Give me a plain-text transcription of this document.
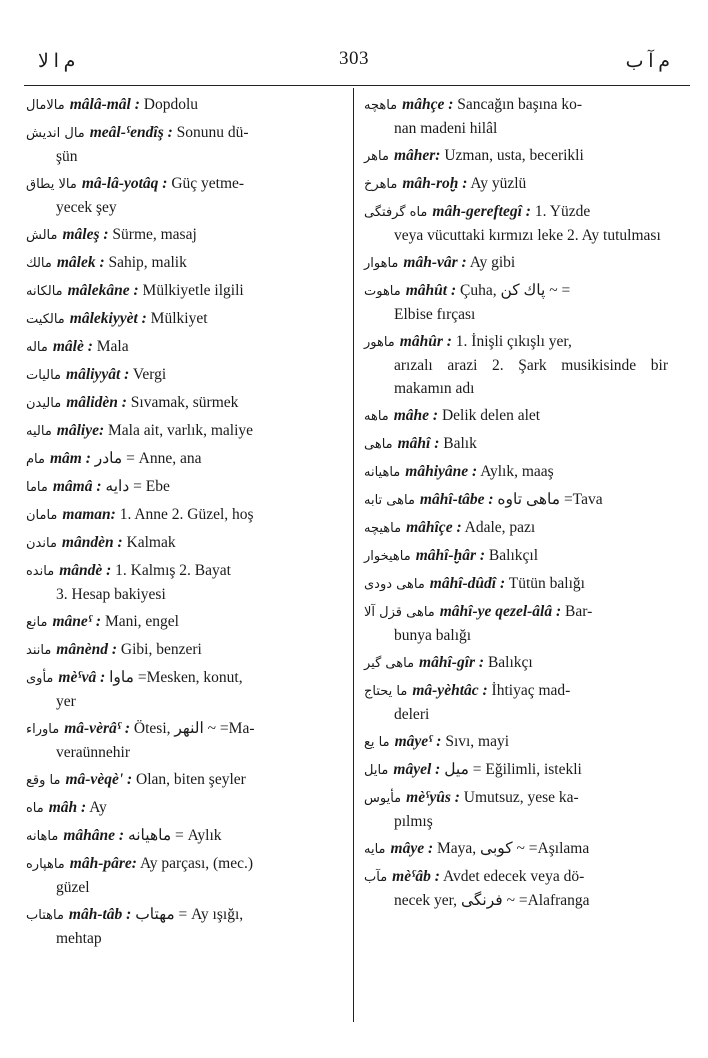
م ا لا	303	م آ ب
مالامال mâlâ-mâl : Dopdolu
مال اندیش meâl-ˁendîş : Sonunu dü-
şün
مالا یطاق mâ-lâ-yotâq : Güç yetme-
yecek şey
مالش mâleş : Sürme, masaj
مالك mâlek : Sahip, malik
مالكانه mâlekâne : Mülkiyetle ilgili
مالكیت mâlekiyyèt : Mülkiyet
ماله mâlè : Mala
مالیات mâliyyât : Vergi
مالیدن mâlidèn : Sıvamak, sürmek
مالیه mâliye: Mala ait, varlık, maliye
مام mâm : مادر = Anne, ana
ماما mâmâ : دایه = Ebe
مامان maman: 1. Anne 2. Güzel, hoş
ماندن mândèn : Kalmak
مانده mândè : 1. Kalmış 2. Bayat
3. Hesap bakiyesi
مانع mâneˁ : Mani, engel
مانند mânènd : Gibi, benzeri
مأوى mèˁvâ : ماوا =Mesken, konut,
yer
ماوراء mâ-vèrâˁ : Ötesi, النهر ~ =Ma-
veraünnehir
ما وقع mâ-vèqè' : Olan, biten şeyler
ماه mâh : Ay
ماهانه mâhâne : ماهیانه = Aylık
ماهپاره mâh-pâre: Ay parçası, (mec.)
güzel
ماهتاب mâh-tâb : مهتاب = Ay ışığı,
mehtap
ماهچه mâhçe : Sancağın başına ko-
nan madeni hilâl
ماهر mâher: Uzman, usta, becerikli
ماهرخ mâh-roḫ : Ay yüzlü
ماه گرفتگی mâh-gereftegî : 1. Yüzde
veya vücuttaki kırmızı leke 2. Ay tutulması
ماهوار mâh-vâr : Ay gibi
ماهوت mâhût : Çuha, پاك كن ~ =
Elbise fırçası
ماهور mâhûr : 1. İnişli çıkışlı yer,
arızalı arazi 2. Şark musikisinde bir makamın adı
ماهه mâhe : Delik delen alet
ماهی mâhî : Balık
ماهیانه mâhiyâne : Aylık, maaş
ماهی تابه mâhî-tâbe : ماهی تاوه =Tava
ماهیچه mâhîçe : Adale, pazı
ماهیخوار mâhî-ḫâr : Balıkçıl
ماهی دودی mâhî-dûdî : Tütün balığı
ماهی قزل آلا mâhî-ye qezel-âlâ : Bar-
bunya balığı
ماهی گیر mâhî-gîr : Balıkçı
ما یحتاج mâ-yèhtâc : İhtiyaç mad-
deleri
ما یع mâyeˁ : Sıvı, mayi
مایل mâyel : میل = Eğilimli, istekli
مأیوس mèˁyûs : Umutsuz, yese ka-
pılmış
مایه mâye : Maya, كوبی ~ =Aşılama
مآب mèˁâb : Avdet edecek veya dö-
necek yer, فرنگی ~ =Alafranga
